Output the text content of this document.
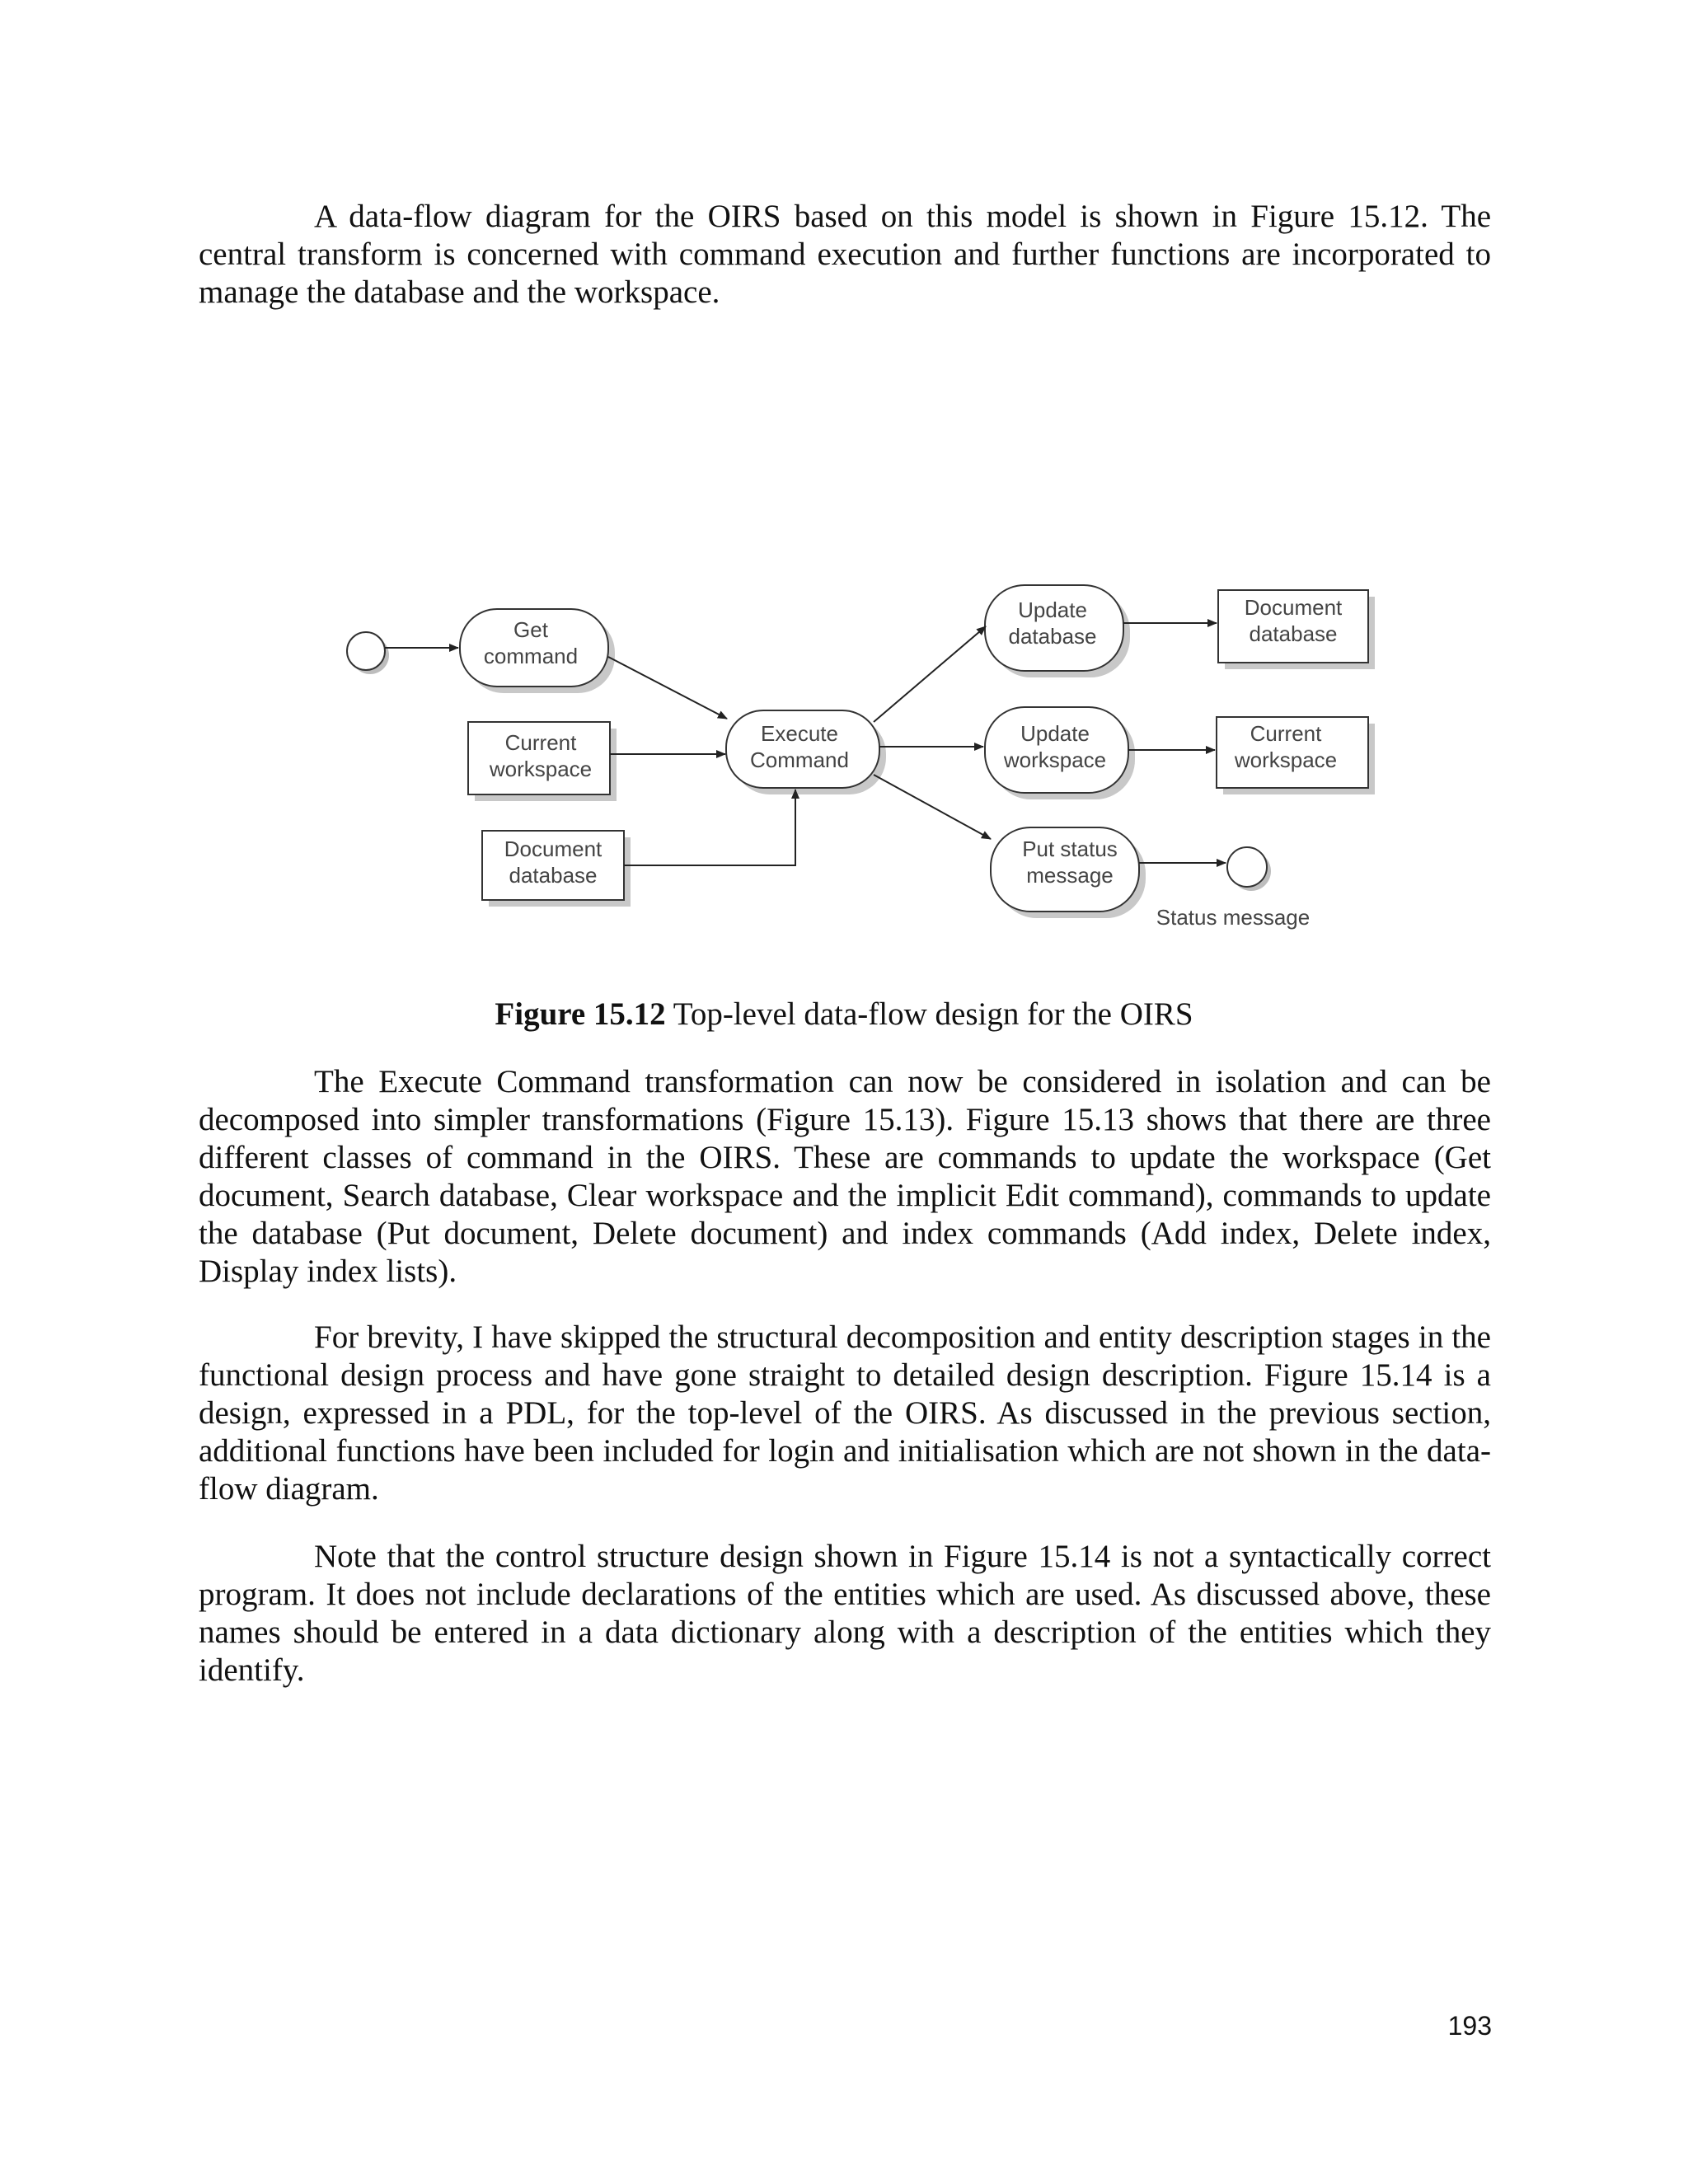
A data-flow diagram for the OIRS based on this model is shown in Figure 15.12. The central transform is concerned with command execution and further functions are incorporated to manage the database and the workspace.

Get
command
Current
workspace
Document
database
Execute
Command
Update
database
Update
workspace
Put status
message
Document
database
Current
workspace
Status message

Figure 15.12 Top-level data-flow design for the OIRS

The Execute Command transformation can now be considered in isolation and can be decomposed into simpler transformations (Figure 15.13). Figure 15.13 shows that there are three different classes of command in the OIRS. These are commands to update the workspace (Get document, Search database, Clear workspace and the implicit Edit command), commands to update the database (Put document, Delete document) and index commands (Add index, Delete index, Display index lists).

For brevity, I have skipped the structural decomposition and entity description stages in the functional design process and have gone straight to detailed design description. Figure 15.14 is a design, expressed in a PDL, for the top-level of the OIRS. As discussed in the previous section, additional functions have been included for login and initialisation which are not shown in the data-flow diagram.

Note that the control structure design shown in Figure 15.14 is not a syntactically correct program. It does not include declarations of the entities which are used. As discussed above, these names should be entered in a data dictionary along with a description of the entities which they identify.

193
